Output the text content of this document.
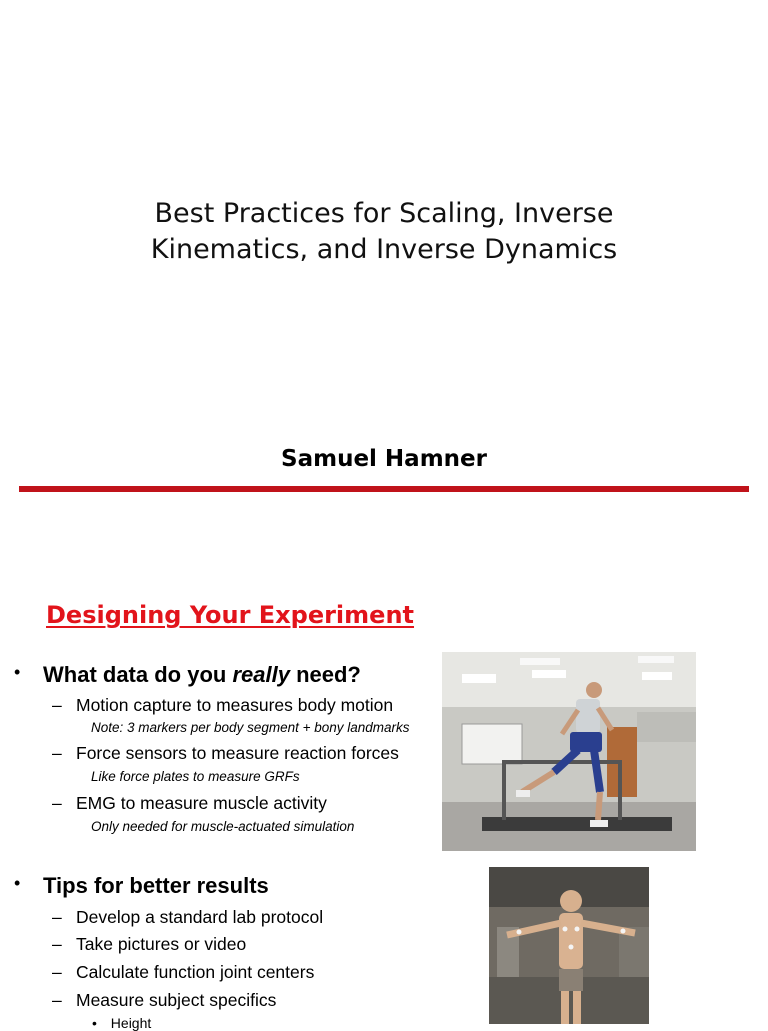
Best Practices for Scaling, Inverse
Kinematics, and Inverse Dynamics
Samuel Hamner
Designing Your Experiment
• What data do you really need?
– Motion capture to measures body motion
Note: 3 markers per body segment + bony landmarks
– Force sensors to measure reaction forces
Like force plates to measure GRFs
– EMG to measure muscle activity
Only needed for muscle-actuated simulation
• Tips for better results
– Develop a standard lab protocol
– Take pictures or video
– Calculate function joint centers
– Measure subject specifics
• Height
